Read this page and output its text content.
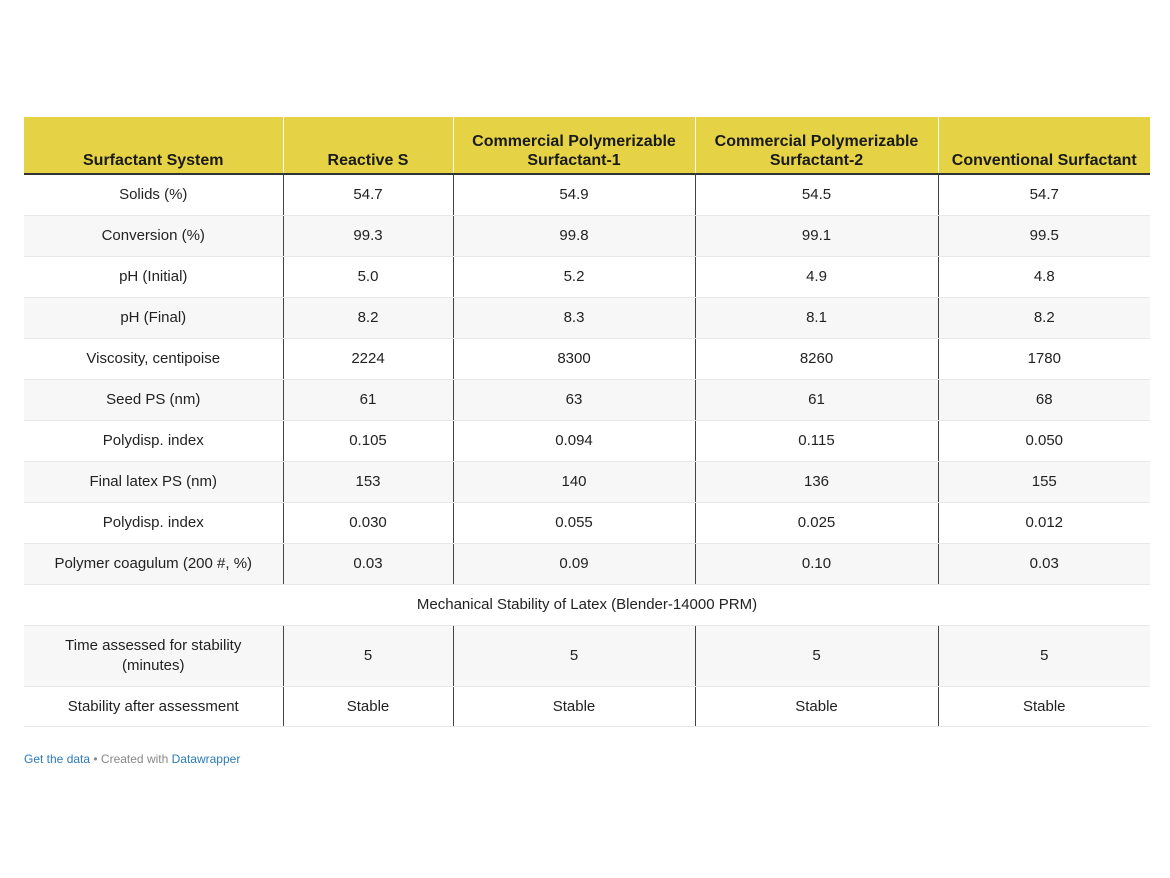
Surfactant System	Reactive S	Commercial Polymerizable Surfactant-1	Commercial Polymerizable Surfactant-2	Conventional Surfactant
Solids (%)	54.7	54.9	54.5	54.7
Conversion (%)	99.3	99.8	99.1	99.5
pH (Initial)	5.0	5.2	4.9	4.8
pH (Final)	8.2	8.3	8.1	8.2
Viscosity, centipoise	2224	8300	8260	1780
Seed PS (nm)	61	63	61	68
Polydisp. index	0.105	0.094	0.115	0.050
Final latex PS (nm)	153	140	136	155
Polydisp. index	0.030	0.055	0.025	0.012
Polymer coagulum (200 #, %)	0.03	0.09	0.10	0.03
Mechanical Stability of Latex (Blender-14000 PRM)				
Time assessed for stability (minutes)	5	5	5	5
Stability after assessment	Stable	Stable	Stable	Stable
Get the data • Created with Datawrapper
